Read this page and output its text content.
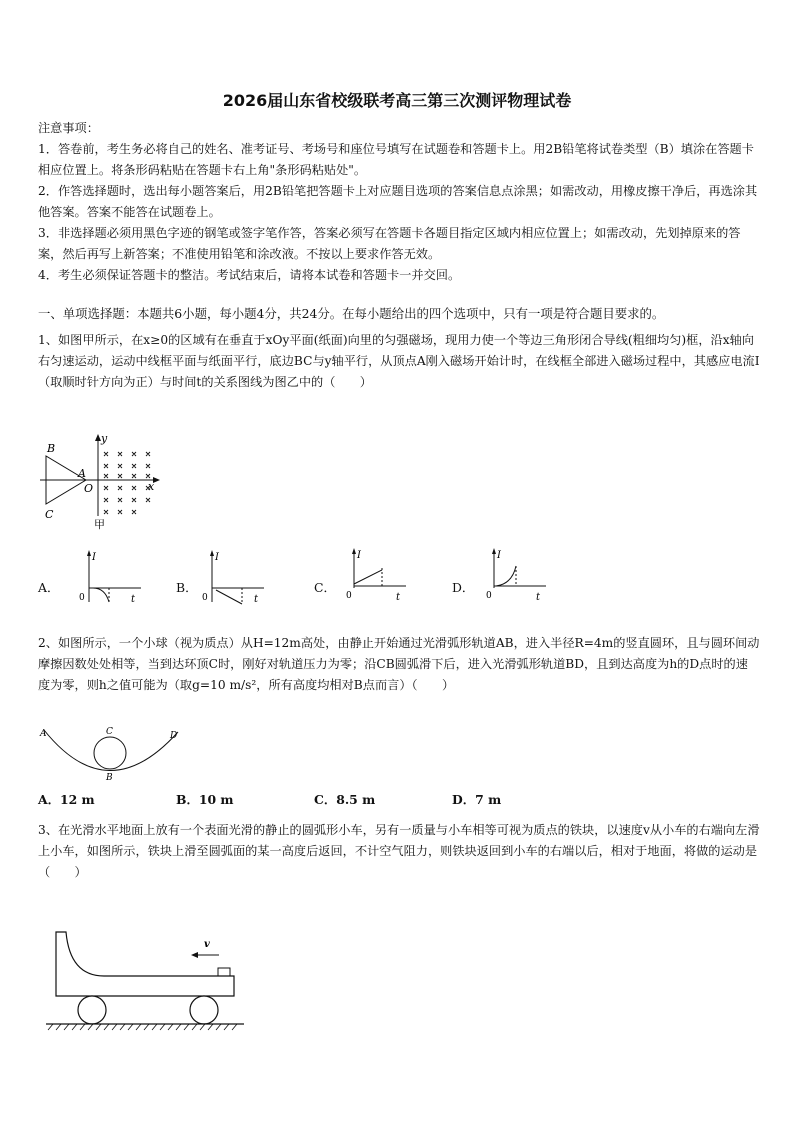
2026届山东省校级联考高三第三次测评物理试卷
注意事项：

1．答卷前，考生务必将自己的姓名、准考证号、考场号和座位号填写在试题卷和答题卡上。用2B铅笔将试卷类型（B）填涂在答题卡相应位置上。将条形码粘贴在答题卡右上角"条形码粘贴处"。

2．作答选择题时，选出每小题答案后，用2B铅笔把答题卡上对应题目选项的答案信息点涂黑；如需改动，用橡皮擦干净后，再选涂其他答案。答案不能答在试题卷上。

3．非选择题必须用黑色字迹的钢笔或签字笔作答，答案必须写在答题卡各题目指定区域内相应位置上；如需改动，先划掉原来的答案，然后再写上新答案；不准使用铅笔和涂改液。不按以上要求作答无效。

4．考生必须保证答题卡的整洁。考试结束后，请将本试卷和答题卡一并交回。

一、单项选择题：本题共6小题，每小题4分，共24分。在每小题给出的四个选项中，只有一项是符合题目要求的。

1、如图甲所示，在x≥0的区域有在垂直于xOy平面(纸面)向里的匀强磁场，现用力使一个等边三角形闭合导线(粗细均匀)框，沿x轴向右匀速运动，运动中线框平面与纸面平行，底边BC与y轴平行，从顶点A刚入磁场开始计时，在线框全部进入磁场过程中，其感应电流I（取顺时针方向为正）与时间t的关系图线为图乙中的（　　）

B
A
C
O
y
x
甲
A．	B．	C．	D．
I
0	t
I
0	t
I
0	t
I
0	t

2、如图所示，一个小球（视为质点）从H=12m高处，由静止开始通过光滑弧形轨道AB，进入半径R=4m的竖直圆环，且与圆环间动摩擦因数处处相等，当到达环顶C时，刚好对轨道压力为零；沿CB圆弧滑下后，进入光滑弧形轨道BD，且到达高度为h的D点时的速度为零，则h之值可能为（取g=10 m/s²，所有高度均相对B点而言）（　　）

A	C	D
B
A．12 m	B．10 m	C．8.5 m	D．7 m

3、在光滑水平地面上放有一个表面光滑的静止的圆弧形小车，另有一质量与小车相等可视为质点的铁块，以速度v从小车的右端向左滑上小车，如图所示，铁块上滑至圆弧面的某一高度后返回，不计空气阻力，则铁块返回到小车的右端以后，相对于地面，将做的运动是（　　）

v
